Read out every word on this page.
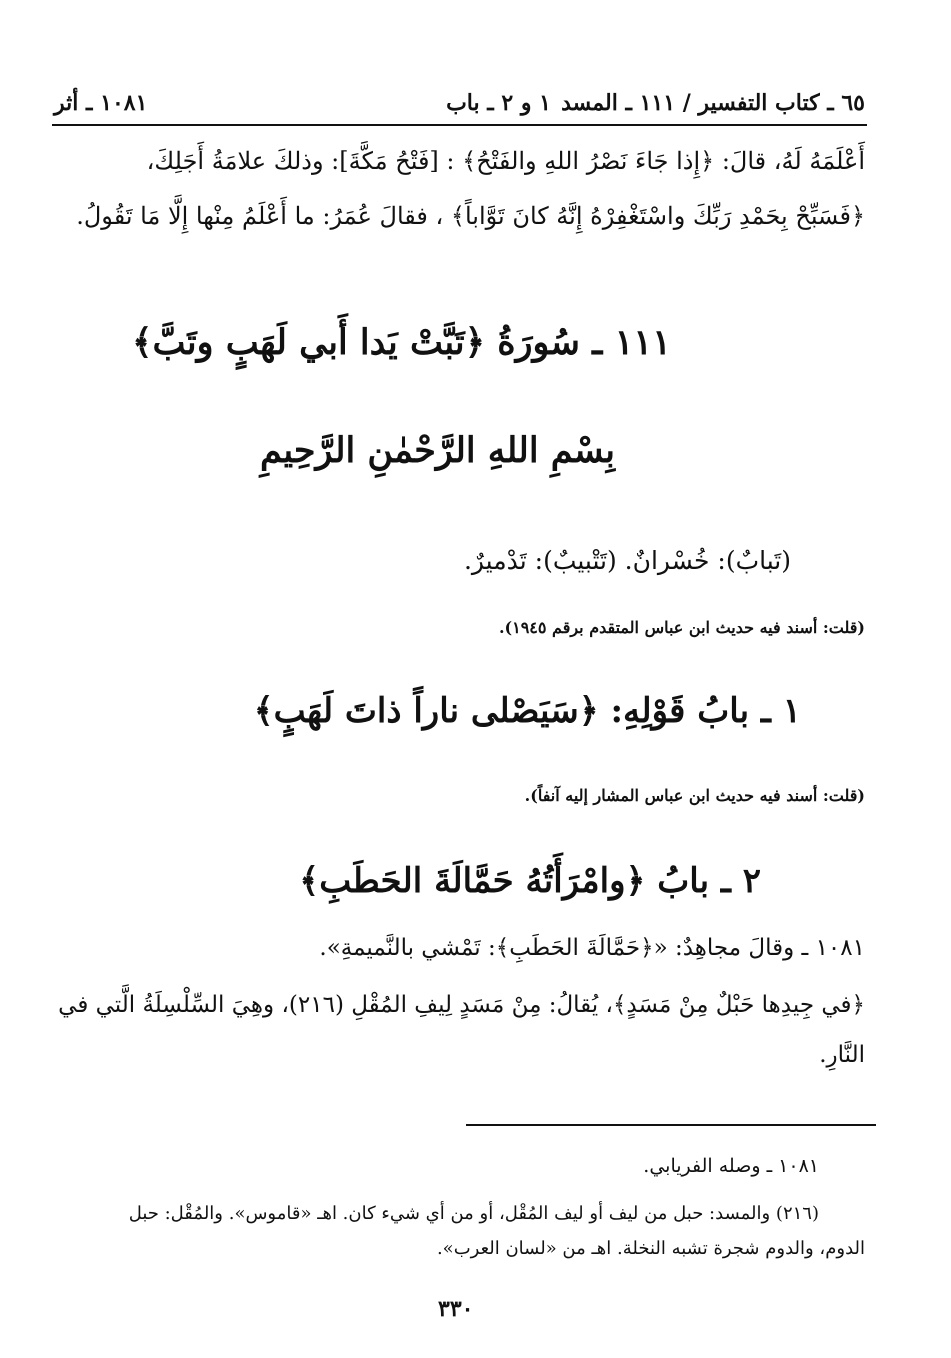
٦٥ ـ كتاب التفسير / ١١١ ـ المسد
١ و ٢ ـ باب
١٠٨١ ـ أثر
أَعْلَمَهُ لَهُ، قالَ: ﴿إِذا جَاءَ نَصْرُ اللهِ والفَتْحُ﴾ : [فَتْحُ مَكَّةَ]: وذلكَ علامَةُ أَجَلِكَ،
﴿فَسَبِّحْ بِحَمْدِ رَبِّكَ واسْتَغْفِرْهُ إِنَّهُ كانَ تَوَّاباً﴾ ، فقالَ عُمَرُ: ما أَعْلَمُ مِنْها إِلَّا مَا تَقُولُ.
١١١ ـ سُورَةُ ﴿تَبَّتْ يَدا أَبي لَهَبٍ وتَبَّ﴾
بِسْمِ اللهِ الرَّحْمٰنِ الرَّحِيمِ
(تَبابٌ): خُسْرانٌ. (تَتْبيبٌ): تَدْميرٌ.
(قلت: أسند فيه حديث ابن عباس المتقدم برقم ١٩٤٥).
١ ـ بابُ قَوْلِهِ: ﴿سَيَصْلى ناراً ذاتَ لَهَبٍ﴾
(قلت: أسند فيه حديث ابن عباس المشار إليه آنفاً).
٢ ـ بابُ ﴿وامْرَأَتُهُ حَمَّالَةَ الحَطَبِ﴾
١٠٨١ ـ وقالَ مجاهِدٌ: «﴿حَمَّالَةَ الحَطَبِ﴾: تَمْشي بالنَّميمةِ».
﴿في جِيدِها حَبْلٌ مِنْ مَسَدٍ﴾، يُقالُ: مِنْ مَسَدٍ لِيفِ المُقْلِ (٢١٦)، وهِيَ السِّلْسِلَةُ الَّتي في
النَّارِ.
١٠٨١ ـ وصله الفريابي.
(٢١٦) والمسد: حبل من ليف أو ليف المُقْل، أو من أي شيء كان. اهـ «قاموس». والمُقْل: حبل
الدوم، والدوم شجرة تشبه النخلة. اهـ من «لسان العرب».
٣٣٠
